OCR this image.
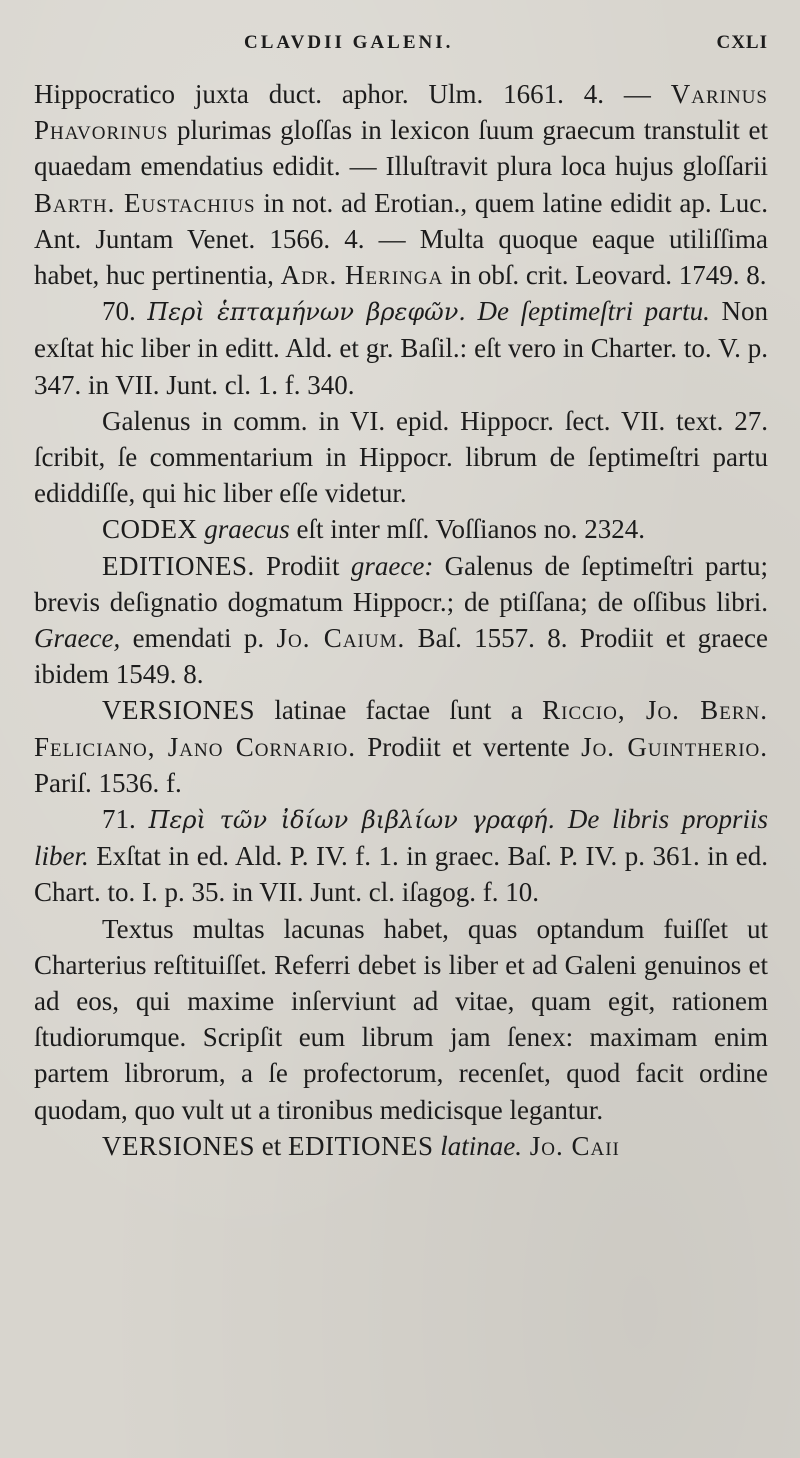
CLAVDII GALENI.	CXLI

Hippocratico juxta duct. aphor. Ulm. 1661. 4. — Varinus Phavorinus plurimas gloſſas in lexicon ſuum graecum transtulit et quaedam emendatius edidit. — Illuſtravit plura loca hujus gloſſarii Barth. Eustachius in not. ad Erotian., quem latine edidit ap. Luc. Ant. Juntam Venet. 1566. 4. — Multa quoque eaque utiliſſima habet, huc pertinentia, Adr. Heringa in obſ. crit. Leovard. 1749. 8.

70. Περὶ ἑπταμήνων βρεφῶν. De ſeptimeſtri partu. Non exſtat hic liber in editt. Ald. et gr. Baſil.: eſt vero in Charter. to. V. p. 347. in VII. Junt. cl. 1. f. 340.

Galenus in comm. in VI. epid. Hippocr. ſect. VII. text. 27. ſcribit, ſe commentarium in Hippocr. librum de ſeptimeſtri partu ediddiſſe, qui hic liber eſſe videtur.

CODEX graecus eſt inter mſſ. Voſſianos no. 2324.

EDITIONES. Prodiit graece: Galenus de ſeptimeſtri partu; brevis deſignatio dogmatum Hippocr.; de ptiſſana; de oſſibus libri. Graece, emendati p. Jo. Caium. Baſ. 1557. 8. Prodiit et graece ibidem 1549. 8.

VERSIONES latinae factae ſunt a Riccio, Jo. Bern. Feliciano, Jano Cornario. Prodiit et vertente Jo. Guintherio. Pariſ. 1536. f.

71. Περὶ τῶν ἰδίων βιβλίων γραφή. De libris propriis liber. Exſtat in ed. Ald. P. IV. f. 1. in graec. Baſ. P. IV. p. 361. in ed. Chart. to. I. p. 35. in VII. Junt. cl. iſagog. f. 10.

Textus multas lacunas habet, quas optandum fuiſſet ut Charterius reſtituiſſet. Referri debet is liber et ad Galeni genuinos et ad eos, qui maxime inſerviunt ad vitae, quam egit, rationem ſtudiorumque. Scripſit eum librum jam ſenex: maximam enim partem librorum, a ſe profectorum, recenſet, quod facit ordine quodam, quo vult ut a tironibus medicisque legantur.

VERSIONES et EDITIONES latinae. Jo. Caii
